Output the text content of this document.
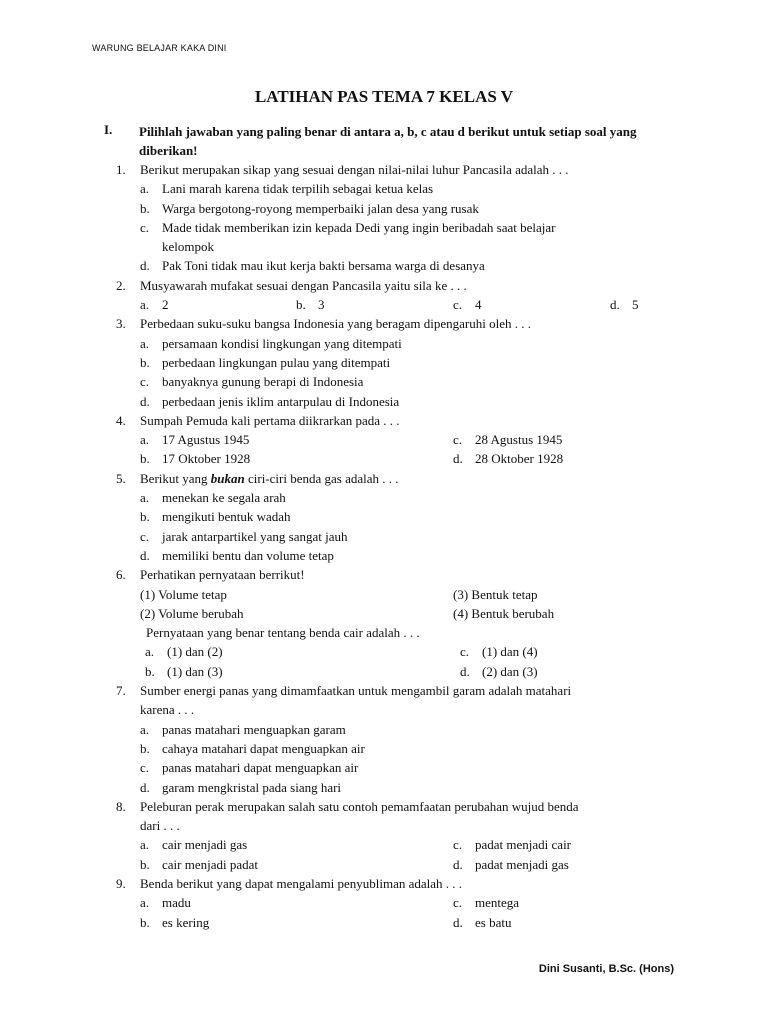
WARUNG BELAJAR KAKA DINI
LATIHAN PAS TEMA 7 KELAS V
I. Pilihlah jawaban yang paling benar di antara a, b, c atau d berikut untuk setiap soal yang diberikan!
1. Berikut merupakan sikap yang sesuai dengan nilai-nilai luhur Pancasila adalah . . .
a. Lani marah karena tidak terpilih sebagai ketua kelas
b. Warga bergotong-royong memperbaiki jalan desa yang rusak
c. Made tidak memberikan izin kepada Dedi yang ingin beribadah saat belajar
kelompok
d. Pak Toni tidak mau ikut kerja bakti bersama warga di desanya
2. Musyawarah mufakat sesuai dengan Pancasila yaitu sila ke . . .
a. 2	b. 3	c. 4	d. 5
3. Perbedaan suku-suku bangsa Indonesia yang beragam dipengaruhi oleh . . .
a. persamaan kondisi lingkungan yang ditempati
b. perbedaan lingkungan pulau yang ditempati
c. banyaknya gunung berapi di Indonesia
d. perbedaan jenis iklim antarpulau di Indonesia
4. Sumpah Pemuda kali pertama diikrarkan pada . . .
a. 17 Agustus 1945	c. 28 Agustus 1945
b. 17 Oktober 1928	d. 28 Oktober 1928
5. Berikut yang bukan ciri-ciri benda gas adalah . . .
a. menekan ke segala arah
b. mengikuti bentuk wadah
c. jarak antarpartikel yang sangat jauh
d. memiliki bentu dan volume tetap
6. Perhatikan pernyataan berrikut!
(1) Volume tetap	(3) Bentuk tetap
(2) Volume berubah	(4) Bentuk berubah
Pernyataan yang benar tentang benda cair adalah . . .
a. (1) dan (2)	c. (1) dan (4)
b. (1) dan (3)	d. (2) dan (3)
7. Sumber energi panas yang dimamfaatkan untuk mengambil garam adalah matahari
karena . . .
a. panas matahari menguapkan garam
b. cahaya matahari dapat menguapkan air
c. panas matahari dapat menguapkan air
d. garam mengkristal pada siang hari
8. Peleburan perak merupakan salah satu contoh pemamfaatan perubahan wujud benda
dari . . .
a. cair menjadi gas	c. padat menjadi cair
b. cair menjadi padat	d. padat menjadi gas
9. Benda berikut yang dapat mengalami penyubliman adalah . . .
a. madu	c. mentega
b. es kering	d. es batu
Dini Susanti, B.Sc. (Hons)
